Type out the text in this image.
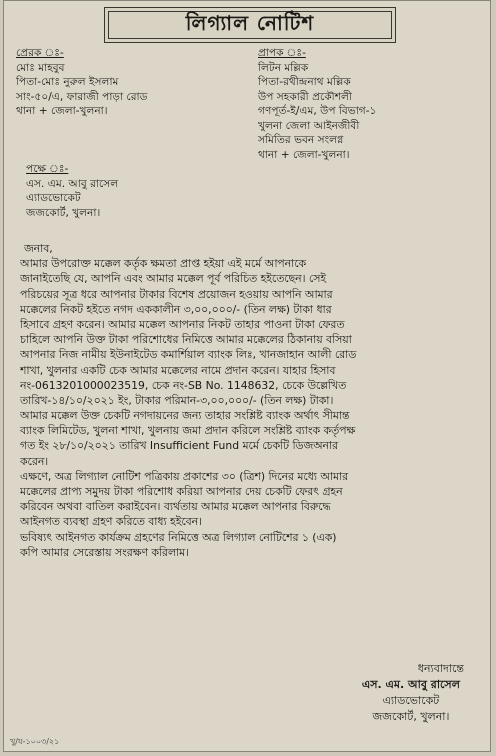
লিগ্যাল নোটিশ
প্রেরক ঃ-
মোঃ মাহবুব
পিতা-মোঃ নুরুল ইসলাম
সাং-৫০/এ, ফারাজী পাড়া রোড
থানা + জেলা-খুলনা।
প্রাপক ঃ-
লিটন মল্লিক
পিতা-রথীন্দ্রনাথ মল্লিক
উপ সহকারী প্রকৌশলী
গণপূর্ত-ই/এম, উপ বিভাগ-১
খুলনা জেলা আইনজীবী
সমিতির ভবন সংলগ্ন
থানা + জেলা-খুলনা।
পক্ষে ঃ-
এস. এম. আবু রাসেল
এ্যাডভোকেট
জজকোর্ট, খুলনা।
জনাব,
আমার উপরোক্ত মক্কেল কর্তৃক ক্ষমতা প্রাপ্ত হইয়া এই মর্মে আপনাকে
জানাইতেছি যে, আপনি এবং আমার মক্কেল পূর্ব পরিচিত হইতেছেন। সেই
পরিচয়ের সূত্র ধরে আপনার টাকার বিশেষ প্রয়োজন হওয়ায় আপনি আমার
মক্কেলের নিকট হইতে নগদ এককালীন ৩,০০,০০০/- (তিন লক্ষ) টাকা ধার
হিসাবে গ্রহণ করেন। আমার মক্কেল আপনার নিকট তাহার পাওনা টাকা ফেরত
চাহিলে আপনি উক্ত টাকা পরিশোধের নিমিত্তে আমার মক্কেলের ঠিকানায় বসিয়া
আপনার নিজ নামীয় ইউনাইটেড কমার্শিয়াল ব্যাংক লিঃ, খানজাহান আলী রোড
শাখা, খুলনার একটি চেক আমার মক্কেলের নামে প্রদান করেন। যাহার হিসাব
নং-0613201000023519, চেক নং-SB No. 1148632, চেকে উল্লেখিত
তারিখ-১৪/১০/২০২১ ইং, টাকার পরিমান-৩,০০,০০০/- (তিন লক্ষ) টাকা।
আমার মক্কেল উক্ত চেকটি নগদায়নের জন্য তাহার সংশ্লিষ্ট ব্যাংক অর্থাৎ সীমান্ত
ব্যাংক লিমিটেড, খুলনা শাখা, খুলনায় জমা প্রদান করিলে সংশ্লিষ্ট ব্যাংক কর্তৃপক্ষ
গত ইং ২৮/১০/২০২১ তারিখ Insufficient Fund মর্মে চেকটি ডিজঅনার
করেন।
এক্ষণে, অত্র লিগ্যাল নোটিশ পত্রিকায় প্রকাশের ৩০ (ত্রিশ) দিনের মধ্যে আমার
মক্কেলের প্রাপ্য সমুদয় টাকা পরিশোধ করিয়া আপনার দেয় চেকটি ফেরৎ গ্রহন
করিবেন অথবা বাতিল করাইবেন। ব্যর্থতায় আমার মক্কেল আপনার বিরুদ্ধে
আইনগত ব্যবস্থা গ্রহণ করিতে বাধ্য হইবেন।
ভবিষ্যৎ আইনগত কার্যক্রম গ্রহণের নিমিত্তে অত্র লিগ্যাল নোটিশের ১ (এক)
কপি আমার সেরেস্তায় সংরক্ষণ করিলাম।
ধন্যবাদান্তে
এস. এম. আবু রাসেল
এ্যাডভোকেট
জজকোর্ট, খুলনা।
খু/য-১০০৩/২১
